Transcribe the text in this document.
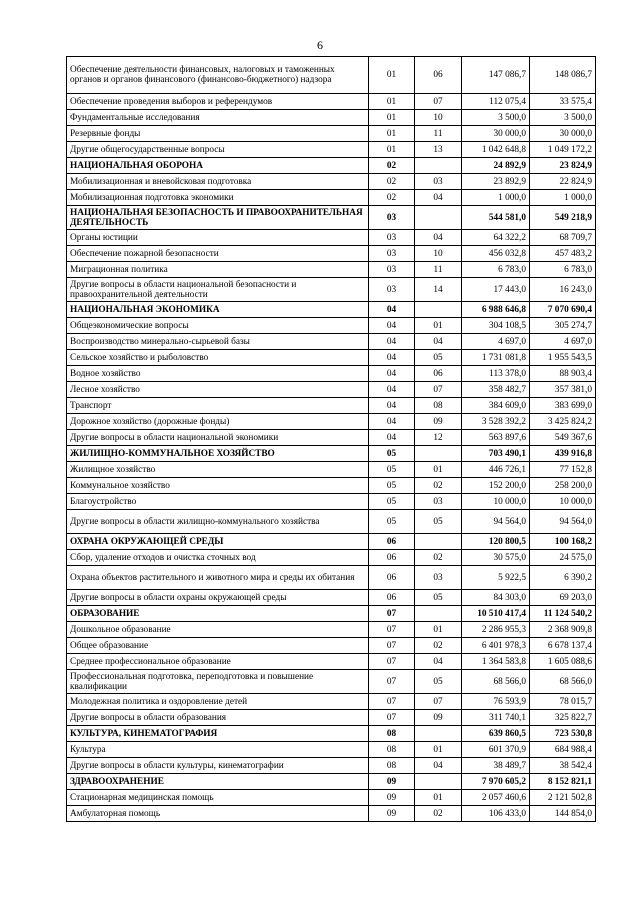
6
Обеспечение деятельности финансовых, налоговых и таможенных органов и органов финансового (финансово-бюджетного) надзора	01	06	147 086,7	148 086,7
Обеспечение проведения выборов и референдумов	01	07	112 075,4	33 575,4
Фундаментальные исследования	01	10	3 500,0	3 500,0
Резервные фонды	01	11	30 000,0	30 000,0
Другие общегосударственные вопросы	01	13	1 042 648,8	1 049 172,2
НАЦИОНАЛЬНАЯ ОБОРОНА	02		24 892,9	23 824,9
Мобилизационная и вневойсковая подготовка	02	03	23 892,9	22 824,9
Мобилизационная подготовка экономики	02	04	1 000,0	1 000,0
НАЦИОНАЛЬНАЯ БЕЗОПАСНОСТЬ И ПРАВООХРАНИТЕЛЬНАЯ ДЕЯТЕЛЬНОСТЬ	03		544 581,0	549 218,9
Органы юстиции	03	04	64 322,2	68 709,7
Обеспечение пожарной безопасности	03	10	456 032,8	457 483,2
Миграционная политика	03	11	6 783,0	6 783,0
Другие вопросы в области национальной безопасности и правоохранительной деятельности	03	14	17 443,0	16 243,0
НАЦИОНАЛЬНАЯ ЭКОНОМИКА	04		6 988 646,8	7 070 690,4
Общеэкономические вопросы	04	01	304 108,5	305 274,7
Воспроизводство минерально-сырьевой базы	04	04	4 697,0	4 697,0
Сельское хозяйство и рыболовство	04	05	1 731 081,8	1 955 543,5
Водное хозяйство	04	06	113 378,0	88 903,4
Лесное хозяйство	04	07	358 482,7	357 381,0
Транспорт	04	08	384 609,0	383 699,0
Дорожное хозяйство (дорожные фонды)	04	09	3 528 392,2	3 425 824,2
Другие вопросы в области национальной экономики	04	12	563 897,6	549 367,6
ЖИЛИЩНО-КОММУНАЛЬНОЕ ХОЗЯЙСТВО	05		703 490,1	439 916,8
Жилищное хозяйство	05	01	446 726,1	77 152,8
Коммунальное хозяйство	05	02	152 200,0	258 200,0
Благоустройство	05	03	10 000,0	10 000,0
Другие вопросы в области жилищно-коммунального хозяйства	05	05	94 564,0	94 564,0
ОХРАНА ОКРУЖАЮЩЕЙ СРЕДЫ	06		120 800,5	100 168,2
Сбор, удаление отходов и очистка сточных вод	06	02	30 575,0	24 575,0
Охрана объектов растительного и животного мира и среды их обитания	06	03	5 922,5	6 390,2
Другие вопросы в области охраны окружающей среды	06	05	84 303,0	69 203,0
ОБРАЗОВАНИЕ	07		10 510 417,4	11 124 540,2
Дошкольное образование	07	01	2 286 955,3	2 368 909,8
Общее образование	07	02	6 401 978,3	6 678 137,4
Среднее профессиональное образование	07	04	1 364 583,8	1 605 088,6
Профессиональная подготовка, переподготовка и повышение квалификации	07	05	68 566,0	68 566,0
Молодежная политика и оздоровление детей	07	07	76 593,9	78 015,7
Другие вопросы в области образования	07	09	311 740,1	325 822,7
КУЛЬТУРА, КИНЕМАТОГРАФИЯ	08		639 860,5	723 530,8
Культура	08	01	601 370,9	684 988,4
Другие вопросы в области культуры, кинематографии	08	04	38 489,7	38 542,4
ЗДРАВООХРАНЕНИЕ	09		7 970 605,2	8 152 821,1
Стационарная медицинская помощь	09	01	2 057 460,6	2 121 502,8
Амбулаторная помощь	09	02	106 433,0	144 854,0
